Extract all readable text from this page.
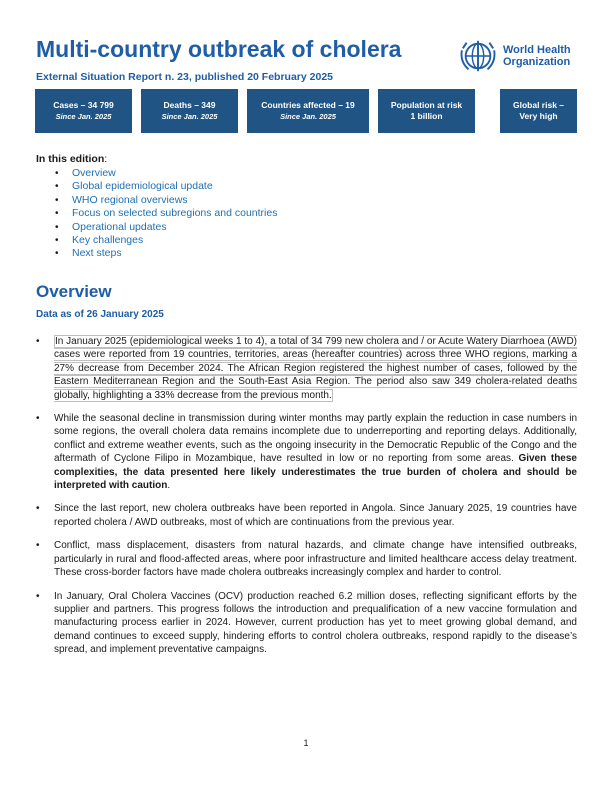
Multi-country outbreak of cholera
External Situation Report n. 23, published 20 February 2025
World Health
Organization
Cases – 34 799
Since Jan. 2025
Deaths – 349
Since Jan. 2025
Countries affected – 19
Since Jan. 2025
Population at risk
1 billion
Global risk –
Very high
In this edition:
• Overview
• Global epidemiological update
• WHO regional overviews
• Focus on selected subregions and countries
• Operational updates
• Key challenges
• Next steps
Overview
Data as of 26 January 2025
• In January 2025 (epidemiological weeks 1 to 4), a total of 34 799 new cholera and / or Acute Watery Diarrhoea (AWD) cases were reported from 19 countries, territories, areas (hereafter countries) across three WHO regions, marking a 27% decrease from December 2024. The African Region registered the highest number of cases, followed by the Eastern Mediterranean Region and the South-East Asia Region. The period also saw 349 cholera-related deaths globally, highlighting a 33% decrease from the previous month.
• While the seasonal decline in transmission during winter months may partly explain the reduction in case numbers in some regions, the overall cholera data remains incomplete due to underreporting and reporting delays. Additionally, conflict and extreme weather events, such as the ongoing insecurity in the Democratic Republic of the Congo and the aftermath of Cyclone Filipo in Mozambique, have resulted in low or no reporting from some areas. Given these complexities, the data presented here likely underestimates the true burden of cholera and should be interpreted with caution.
• Since the last report, new cholera outbreaks have been reported in Angola. Since January 2025, 19 countries have reported cholera / AWD outbreaks, most of which are continuations from the previous year.
• Conflict, mass displacement, disasters from natural hazards, and climate change have intensified outbreaks, particularly in rural and flood-affected areas, where poor infrastructure and limited healthcare access delay treatment. These cross-border factors have made cholera outbreaks increasingly complex and harder to control.
• In January, Oral Cholera Vaccines (OCV) production reached 6.2 million doses, reflecting significant efforts by the supplier and partners. This progress follows the introduction and prequalification of a new vaccine formulation and manufacturing process earlier in 2024. However, current production has yet to meet growing global demand, and demand continues to exceed supply, hindering efforts to control cholera outbreaks, respond rapidly to the disease’s spread, and implement preventative campaigns.
1
